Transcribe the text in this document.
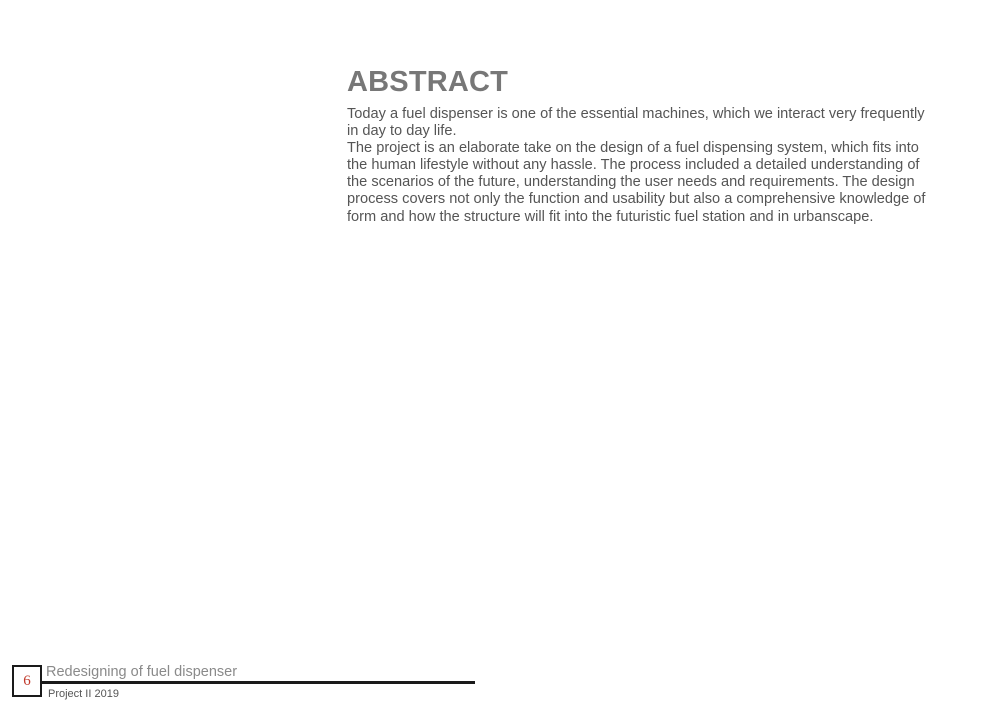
ABSTRACT

Today a fuel dispenser is one of the essential machines, which we interact very frequently in day to day life.

The project is an elaborate take on the design of a fuel dispensing system, which fits into the human lifestyle without any hassle. The process included a detailed understanding of the scenarios of the future, understanding the user needs and requirements. The design process covers not only the function and usability but also a comprehensive knowledge of form and how the structure will fit into the futuristic fuel station and in urbanscape.

6
Redesigning of fuel dispenser
Project II 2019
